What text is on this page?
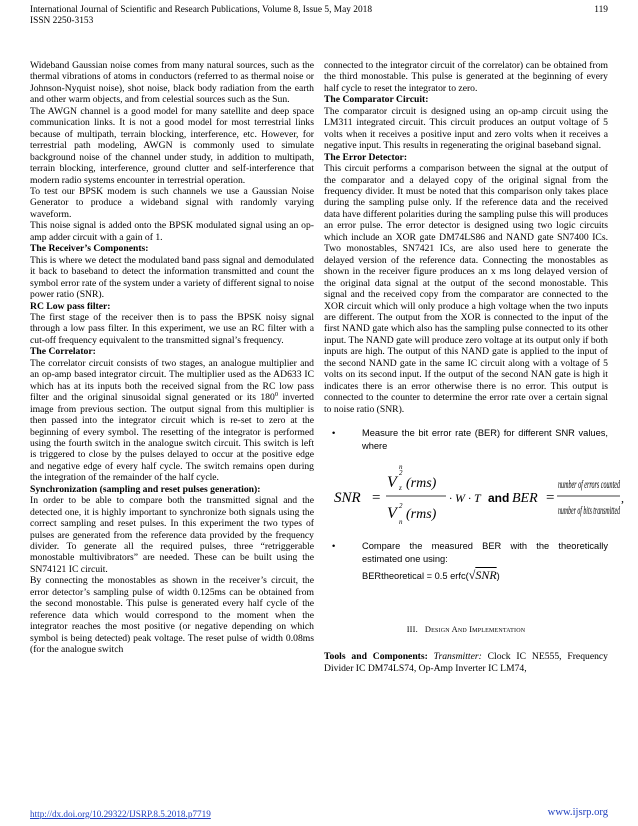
International Journal of Scientific and Research Publications, Volume 8, Issue 5, May 2018
ISSN 2250-3153
119

Wideband Gaussian noise comes from many natural sources, such as the thermal vibrations of atoms in conductors (referred to as thermal noise or Johnson-Nyquist noise), shot noise, black body radiation from the earth and other warm objects, and from celestial sources such as the Sun.

The AWGN channel is a good model for many satellite and deep space communication links. It is not a good model for most terrestrial links because of multipath, terrain blocking, interference, etc. However, for terrestrial path modeling, AWGN is commonly used to simulate background noise of the channel under study, in addition to multipath, terrain blocking, interference, ground clutter and self-interference that modern radio systems encounter in terrestrial operation.

To test our BPSK modem is such channels we use a Gaussian Noise Generator to produce a wideband signal with randomly varying waveform.

This noise signal is added onto the BPSK modulated signal using an op-amp adder circuit with a gain of 1.

The Receiver’s Components:

This is where we detect the modulated band pass signal and demodulated it back to baseband to detect the information transmitted and count the symbol error rate of the system under a variety of different signal to noise power ratio (SNR).

RC Low pass filter:

The first stage of the receiver then is to pass the BPSK noisy signal through a low pass filter. In this experiment, we use an RC filter with a cut-off frequency equivalent to the transmitted signal’s frequency.

The Correlator:

The correlator circuit consists of two stages, an analogue multiplier and an op-amp based integrator circuit. The multiplier used as the AD633 IC which has at its inputs both the received signal from the RC low pass filter and the original sinusoidal signal generated or its $180^0$ inverted image from previous section. The output signal from this multiplier is then passed into the integrator circuit which is re-set to zero at the beginning of every symbol. The resetting of the integrator is performed using the fourth switch in the analogue switch circuit. This switch is left is triggered to close by the pulses delayed to occur at the positive edge and negative edge of every half cycle. The switch remains open during the integration of the remainder of the half cycle.

Synchronization (sampling and reset pulses generation):

In order to be able to compare both the transmitted signal and the detected one, it is highly important to synchronize both signals using the correct sampling and reset pulses. In this experiment the two types of pulses are generated from the reference data provided by the frequency divider. To generate all the required pulses, three “retriggerable monostable multivibrators” are needed. These can be built using the SN74121 IC circuit.

By connecting the monostables as shown in the receiver’s circuit, the error detector’s sampling pulse of width 0.125ms can be obtained from the second monostable. This pulse is generated every half cycle of the reference data which would correspond to the moment when the integrator reaches the most positive (or negative depending on which symbol is being detected) peak voltage. The reset pulse of width 0.08ms (for the analogue switch

connected to the integrator circuit of the correlator) can be obtained from the third monostable. This pulse is generated at the beginning of every half cycle to reset the integrator to zero.

The Comparator Circuit:

The comparator circuit is designed using an op-amp circuit using the LM311 integrated circuit. This circuit produces an output voltage of 5 volts when it receives a positive input and zero volts when it receives a negative input. This results in regenerating the original baseband signal.

The Error Detector:

This circuit performs a comparison between the signal at the output of the comparator and a delayed copy of the original signal from the frequency divider. It must be noted that this comparison only takes place during the sampling pulse only. If the reference data and the received data have different polarities during the sampling pulse this will produces an error pulse. The error detector is designed using two logic circuits which include an XOR gate DM74LS86 and NAND gate SN7400 ICs. Two monostables, SN7421 ICs, are also used here to generate the delayed version of the reference data. Connecting the monostables as shown in the receiver figure produces an x ms long delayed version of the original data signal at the output of the second monostable. This signal and the received copy from the comparator are connected to the XOR circuit which will only produce a high voltage when the two inputs are different. The output from the XOR is connected to the input of the first NAND gate which also has the sampling pulse connected to its other input. The NAND gate will produce zero voltage at its output only if both inputs are high. The output of this NAND gate is applied to the input of the second NAND gate in the same IC circuit along with a voltage of 5 volts on its second input. If the output of the second NAN gate is high it indicates there is an error otherwise there is no error. This output is connected to the counter to determine the error rate over a certain signal to noise ratio (SNR).

•	Measure the bit error rate (BER) for different SNR values, where
SNR =
V
n
2
z (rms)
V 2
n (rms)
· W · T and BER =
number of errors counted
number of bits transmitted
,
•	Compare the measured BER with the theoretically estimated one using:
BERtheoretical = 0.5 erfc(√SNR)
III. Design And Implementation

Tools and Components: Transmitter: Clock IC NE555, Frequency Divider IC DM74LS74, Op-Amp Inverter IC LM74,

http://dx.doi.org/10.29322/IJSRP.8.5.2018.p7719	www.ijsrp.org
